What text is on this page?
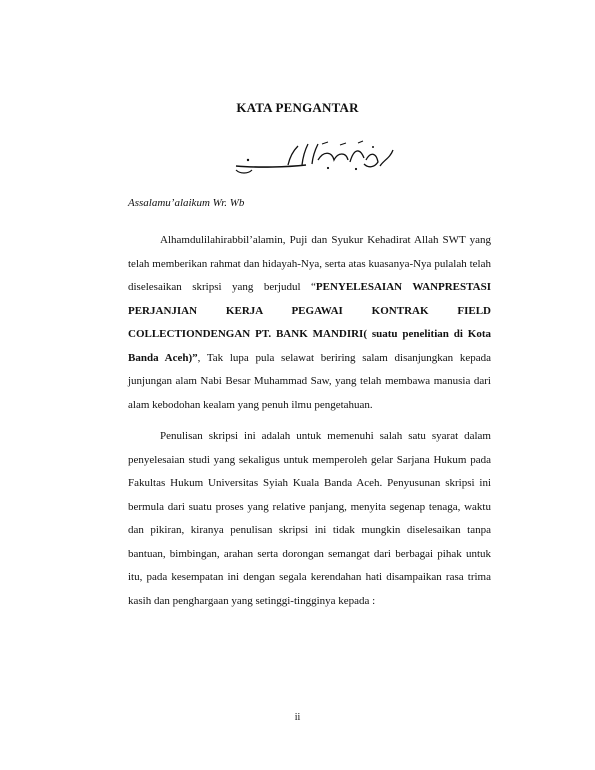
KATA PENGANTAR
Assalamu’alaikum Wr. Wb

Alhamdulilahirabbil’alamin, Puji dan Syukur Kehadirat Allah SWT yang telah memberikan rahmat dan hidayah-Nya, serta atas kuasanya-Nya pulalah telah diselesaikan skripsi yang berjudul “PENYELESAIAN WANPRESTASI PERJANJIAN KERJA PEGAWAI KONTRAK FIELD COLLECTIONDENGAN PT. BANK MANDIRI( suatu penelitian di Kota Banda Aceh)”, Tak lupa pula selawat beriring salam disanjungkan kepada junjungan alam Nabi Besar Muhammad Saw, yang telah membawa manusia dari alam kebodohan kealam yang penuh ilmu pengetahuan.

Penulisan skripsi ini adalah untuk memenuhi salah satu syarat dalam penyelesaian studi yang sekaligus untuk memperoleh gelar Sarjana Hukum pada Fakultas Hukum Universitas Syiah Kuala Banda Aceh. Penyusunan skripsi ini bermula dari suatu proses yang relative panjang, menyita segenap tenaga, waktu dan pikiran, kiranya penulisan skripsi ini tidak mungkin diselesaikan tanpa bantuan, bimbingan, arahan serta dorongan semangat dari berbagai pihak untuk itu, pada kesempatan ini dengan segala kerendahan hati disampaikan rasa trima kasih dan penghargaan yang setinggi-tingginya kepada :

ii
